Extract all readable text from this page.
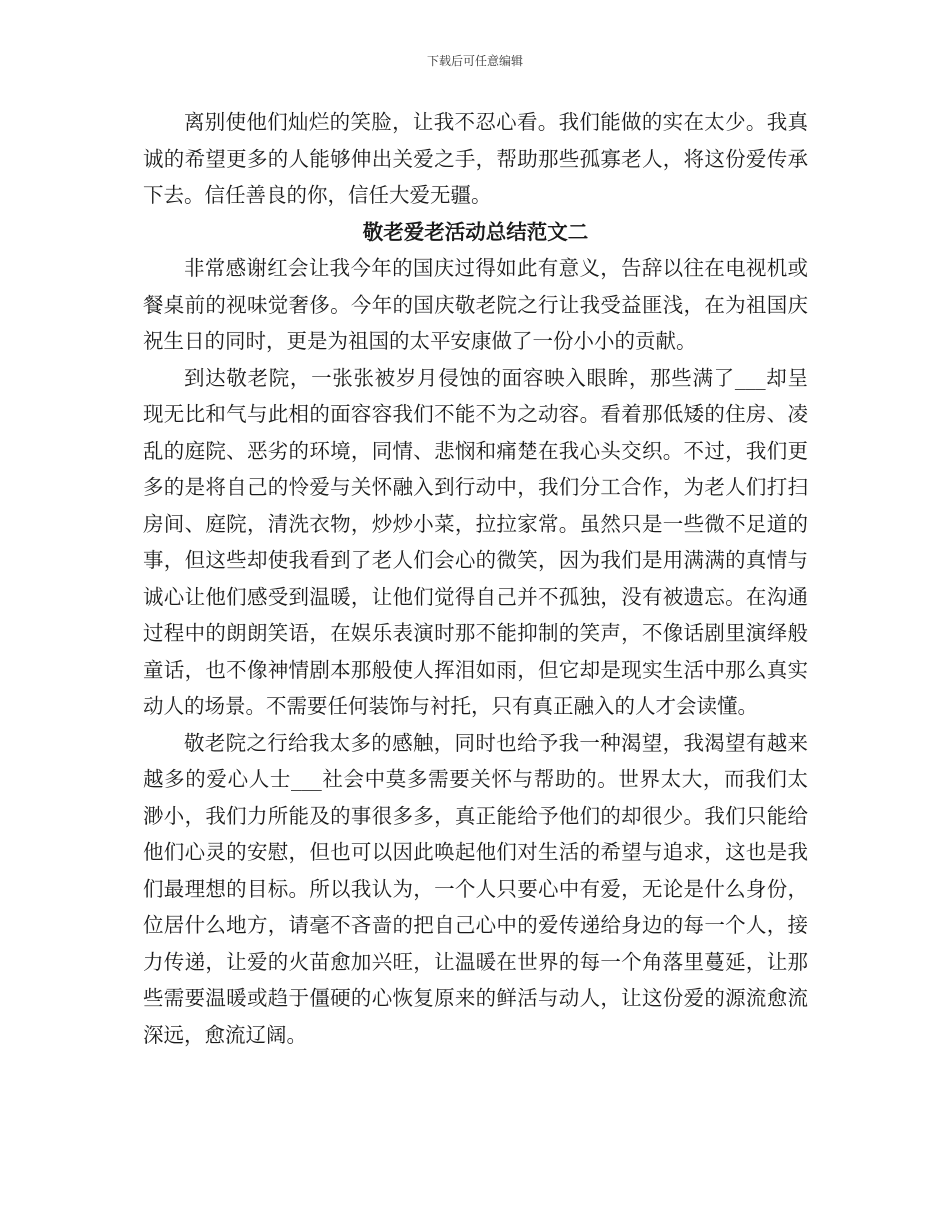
下载后可任意编辑

离别使他们灿烂的笑脸，让我不忍心看。我们能做的实在太少。我真诚的希望更多的人能够伸出关爱之手，帮助那些孤寡老人，将这份爱传承下去。信任善良的你，信任大爱无疆。

敬老爱老活动总结范文二

非常感谢红会让我今年的国庆过得如此有意义，告辞以往在电视机或餐桌前的视味觉奢侈。今年的国庆敬老院之行让我受益匪浅，在为祖国庆祝生日的同时，更是为祖国的太平安康做了一份小小的贡献。

到达敬老院，一张张被岁月侵蚀的面容映入眼眸，那些满了___却呈现无比和气与此相的面容容我们不能不为之动容。看着那低矮的住房、凌乱的庭院、恶劣的环境，同情、悲悯和痛楚在我心头交织。不过，我们更多的是将自己的怜爱与关怀融入到行动中，我们分工合作，为老人们打扫房间、庭院，清洗衣物，炒炒小菜，拉拉家常。虽然只是一些微不足道的事，但这些却使我看到了老人们会心的微笑，因为我们是用满满的真情与诚心让他们感受到温暖，让他们觉得自己并不孤独，没有被遗忘。在沟通过程中的朗朗笑语，在娱乐表演时那不能抑制的笑声，不像话剧里演绎般童话，也不像神情剧本那般使人挥泪如雨，但它却是现实生活中那么真实动人的场景。不需要任何装饰与衬托，只有真正融入的人才会读懂。

敬老院之行给我太多的感触，同时也给予我一种渴望，我渴望有越来越多的爱心人士___社会中莫多需要关怀与帮助的。世界太大，而我们太渺小，我们力所能及的事很多多，真正能给予他们的却很少。我们只能给他们心灵的安慰，但也可以因此唤起他们对生活的希望与追求，这也是我们最理想的目标。所以我认为，一个人只要心中有爱，无论是什么身份，位居什么地方，请毫不吝啬的把自己心中的爱传递给身边的每一个人，接力传递，让爱的火苗愈加兴旺，让温暖在世界的每一个角落里蔓延，让那些需要温暖或趋于僵硬的心恢复原来的鲜活与动人，让这份爱的源流愈流深远，愈流辽阔。
